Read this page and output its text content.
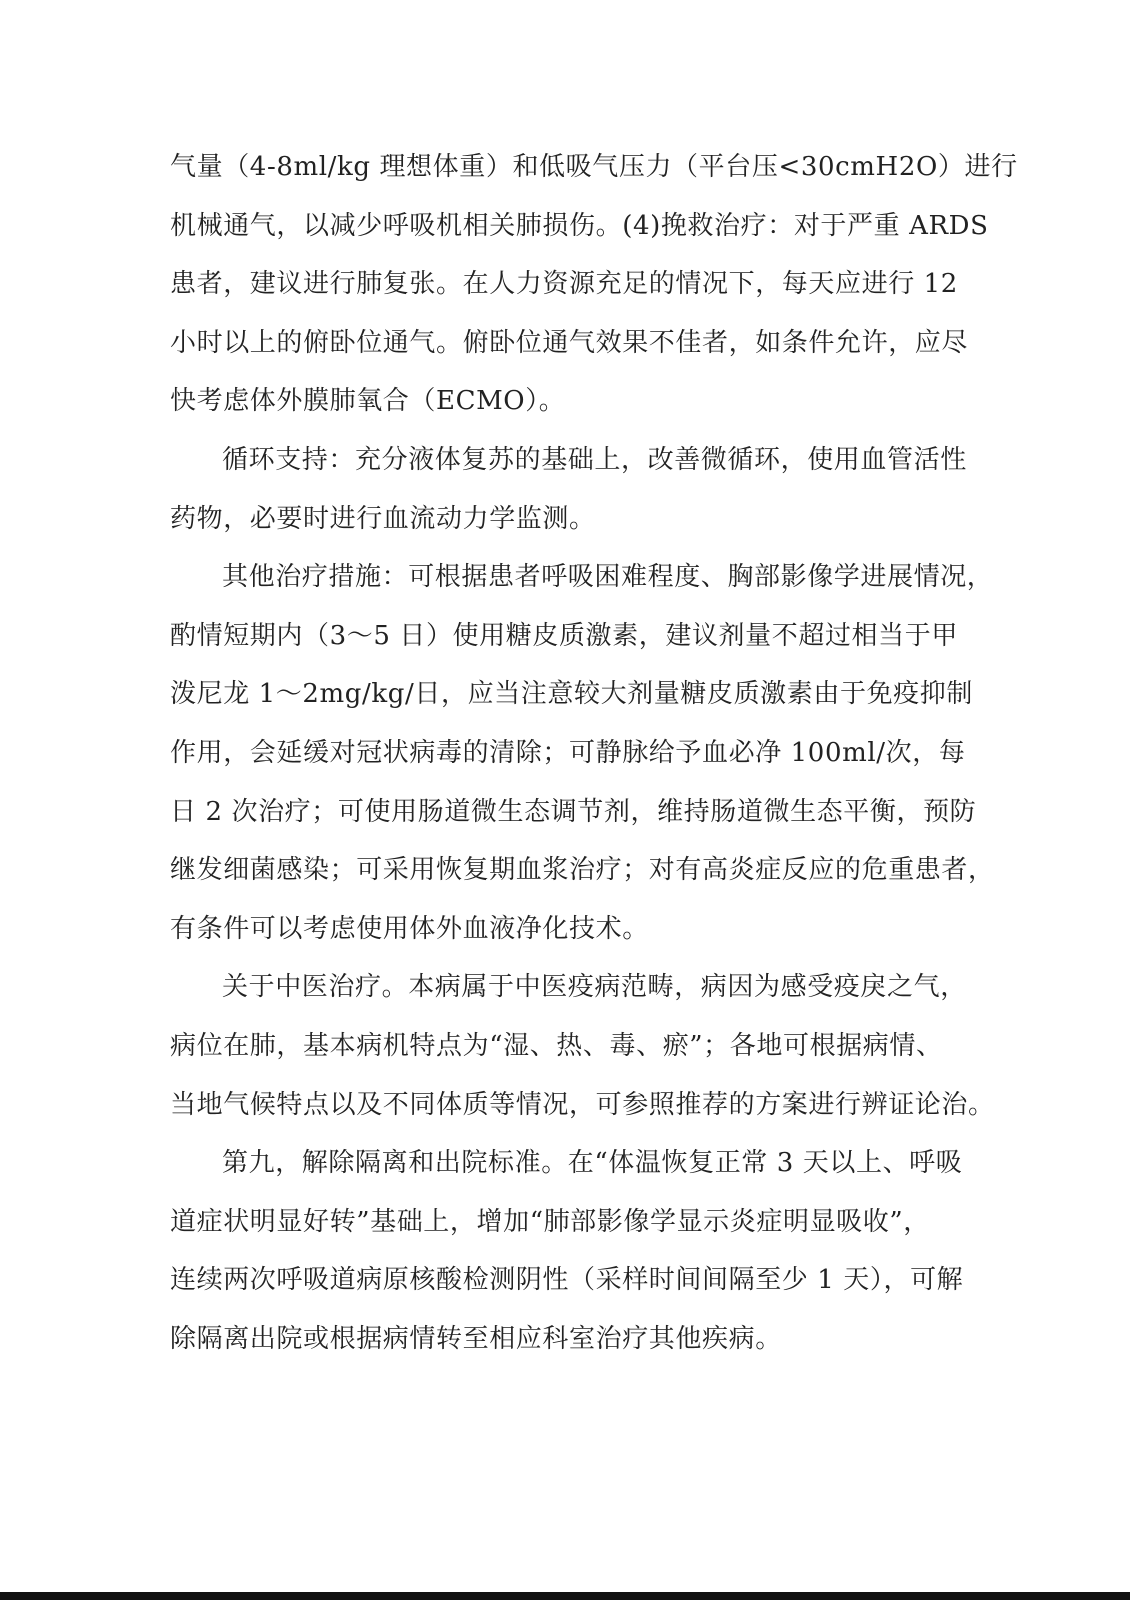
气量（4-8ml/kg 理想体重）和低吸气压力（平台压<30cmH2O）进行
机械通气，以减少呼吸机相关肺损伤。(4)挽救治疗：对于严重 ARDS
患者，建议进行肺复张。在人力资源充足的情况下，每天应进行 12
小时以上的俯卧位通气。俯卧位通气效果不佳者，如条件允许，应尽
快考虑体外膜肺氧合（ECMO）。
循环支持：充分液体复苏的基础上，改善微循环，使用血管活性
药物，必要时进行血流动力学监测。
其他治疗措施：可根据患者呼吸困难程度、胸部影像学进展情况，
酌情短期内（3～5 日）使用糖皮质激素，建议剂量不超过相当于甲
泼尼龙 1～2mg/kg/日，应当注意较大剂量糖皮质激素由于免疫抑制
作用，会延缓对冠状病毒的清除；可静脉给予血必净 100ml/次，每
日 2 次治疗；可使用肠道微生态调节剂，维持肠道微生态平衡，预防
继发细菌感染；可采用恢复期血浆治疗；对有高炎症反应的危重患者，
有条件可以考虑使用体外血液净化技术。
关于中医治疗。本病属于中医疫病范畴，病因为感受疫戾之气，
病位在肺，基本病机特点为“湿、热、毒、瘀”；各地可根据病情、
当地气候特点以及不同体质等情况，可参照推荐的方案进行辨证论治。
第九，解除隔离和出院标准。在“体温恢复正常 3 天以上、呼吸
道症状明显好转”基础上，增加“肺部影像学显示炎症明显吸收”，
连续两次呼吸道病原核酸检测阴性（采样时间间隔至少 1 天），可解
除隔离出院或根据病情转至相应科室治疗其他疾病。
